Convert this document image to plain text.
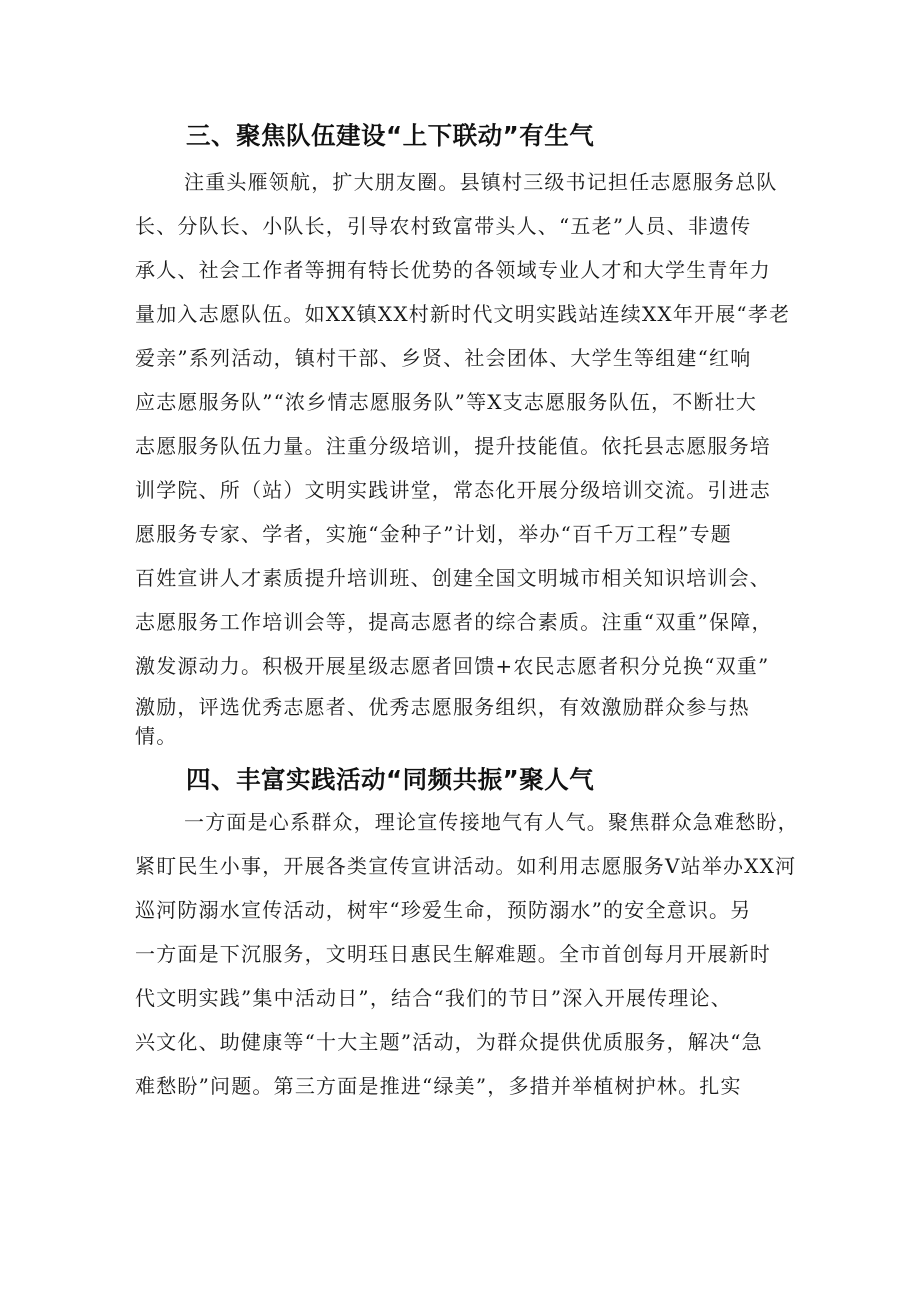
三、聚焦队伍建设“上下联动”有生气

注重头雁领航，扩大朋友圈。县镇村三级书记担任志愿服务总队

长、分队长、小队长，引导农村致富带头人、“五老”人员、非遗传

承人、社会工作者等拥有特长优势的各领域专业人才和大学生青年力

量加入志愿队伍。如XX镇XX村新时代文明实践站连续XX年开展“孝老

爱亲”系列活动，镇村干部、乡贤、社会团体、大学生等组建“红响

应志愿服务队”“浓乡情志愿服务队”等X支志愿服务队伍，不断壮大

志愿服务队伍力量。注重分级培训，提升技能值。依托县志愿服务培

训学院、所（站）文明实践讲堂，常态化开展分级培训交流。引进志

愿服务专家、学者，实施“金种子”计划，举办“百千万工程”专题

百姓宣讲人才素质提升培训班、创建全国文明城市相关知识培训会、

志愿服务工作培训会等，提高志愿者的综合素质。注重“双重”保障，

激发源动力。积极开展星级志愿者回馈+农民志愿者积分兑换“双重”

激励，评选优秀志愿者、优秀志愿服务组织，有效激励群众参与热

情。

四、丰富实践活动“同频共振”聚人气

一方面是心系群众，理论宣传接地气有人气。聚焦群众急难愁盼，

紧盯民生小事，开展各类宣传宣讲活动。如利用志愿服务V站举办XX河

巡河防溺水宣传活动，树牢“珍爱生命，预防溺水”的安全意识。另

一方面是下沉服务，文明珏日惠民生解难题。全市首创每月开展新时

代文明实践”集中活动日”，结合“我们的节日”深入开展传理论、

兴文化、助健康等“十大主题”活动，为群众提供优质服务，解决“急

难愁盼”问题。第三方面是推进“绿美”，多措并举植树护林。扎实
